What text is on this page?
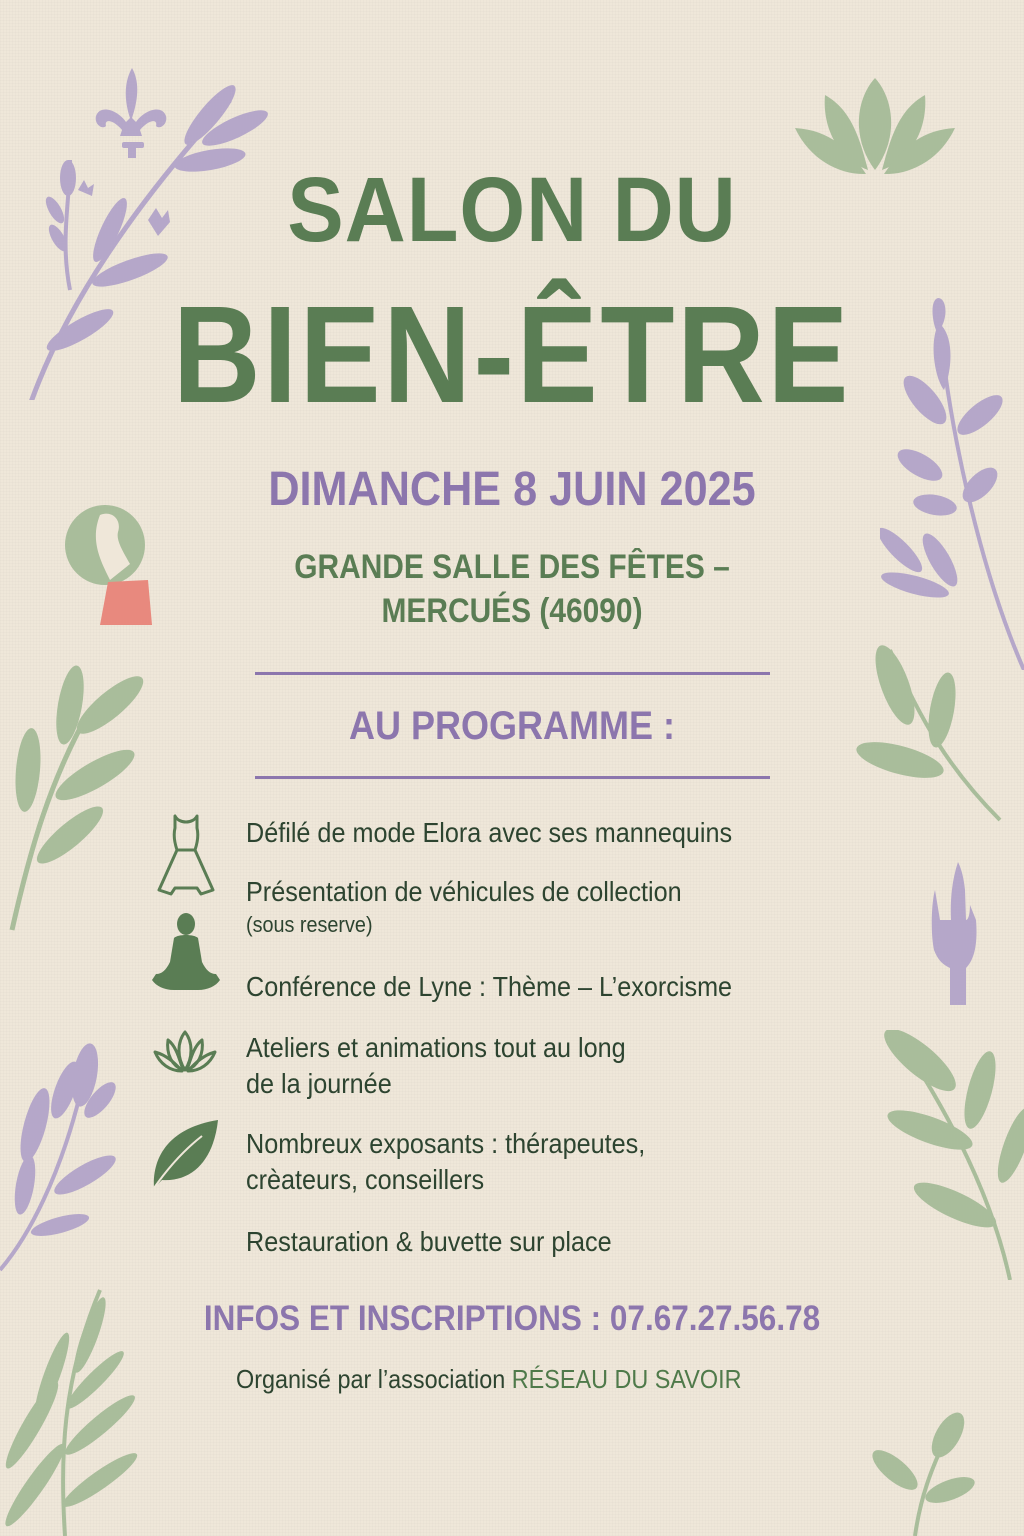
SALON DU
BIEN-ÊTRE
DIMANCHE 8 JUIN 2025
GRANDE SALLE DES FÊTES –
MERCUÉS (46090)
AU PROGRAMME :
Défilé de mode Elora avec ses mannequins
Présentation de véhicules de collection
(sous reserve)
Conférence de Lyne : Thème – L’exorcisme
Ateliers et animations tout au long
de la journée
Nombreux exposants : thérapeutes,
crèateurs, conseillers
Restauration & buvette sur place
INFOS ET INSCRIPTIONS : 07.67.27.56.78
Organisé par l’association RÉSEAU DU SAVOIR
